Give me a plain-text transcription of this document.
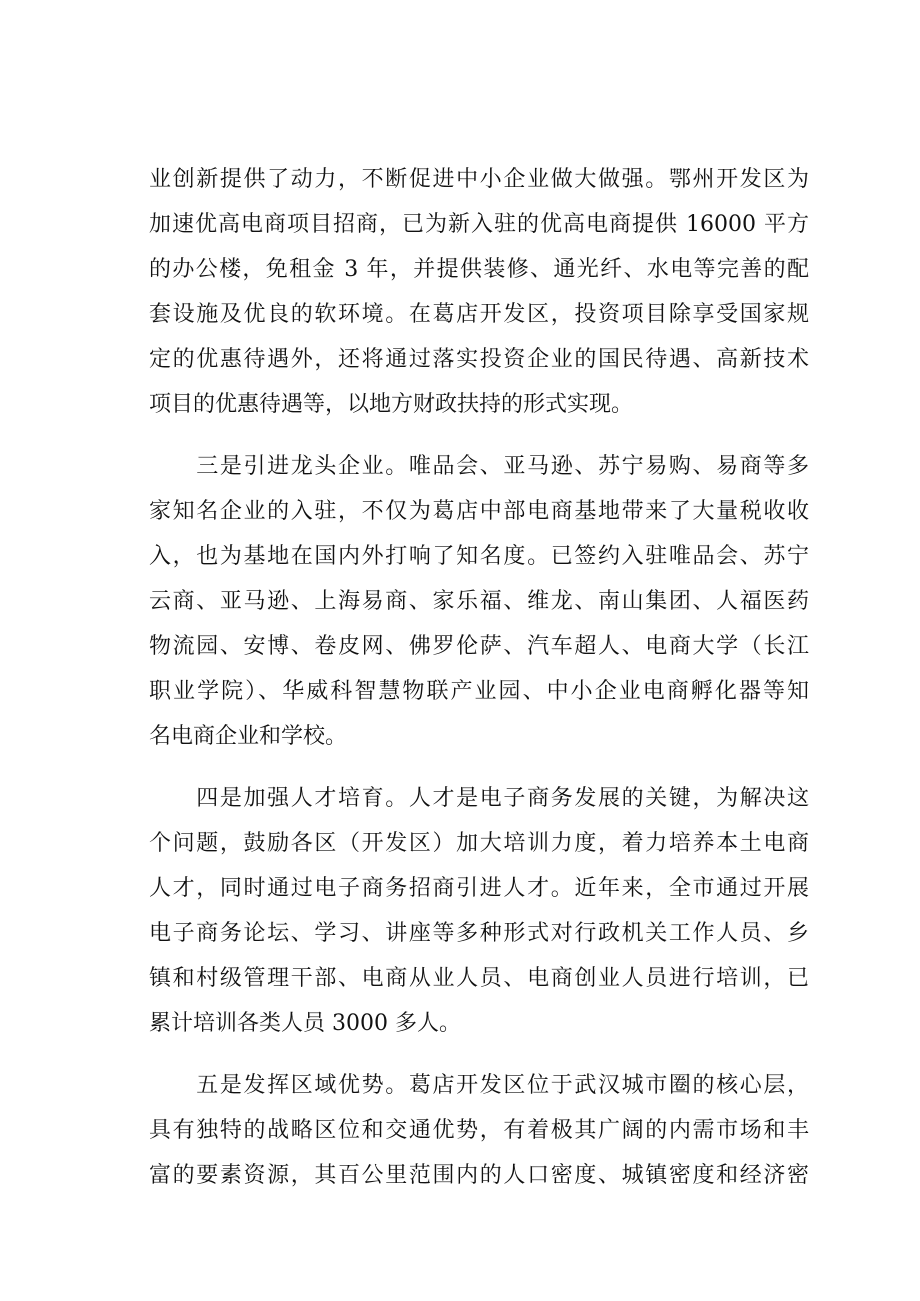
业创新提供了动力，不断促进中小企业做大做强。鄂州开发区为
加速优高电商项目招商，已为新入驻的优高电商提供 16000 平方
的办公楼，免租金 3 年，并提供装修、通光纤、水电等完善的配
套设施及优良的软环境。在葛店开发区，投资项目除享受国家规
定的优惠待遇外，还将通过落实投资企业的国民待遇、高新技术
项目的优惠待遇等，以地方财政扶持的形式实现。
　　三是引进龙头企业。唯品会、亚马逊、苏宁易购、易商等多
家知名企业的入驻，不仅为葛店中部电商基地带来了大量税收收
入，也为基地在国内外打响了知名度。已签约入驻唯品会、苏宁
云商、亚马逊、上海易商、家乐福、维龙、南山集团、人福医药
物流园、安博、卷皮网、佛罗伦萨、汽车超人、电商大学（长江
职业学院）、华威科智慧物联产业园、中小企业电商孵化器等知
名电商企业和学校。
　　四是加强人才培育。人才是电子商务发展的关键，为解决这
个问题，鼓励各区（开发区）加大培训力度，着力培养本土电商
人才，同时通过电子商务招商引进人才。近年来，全市通过开展
电子商务论坛、学习、讲座等多种形式对行政机关工作人员、乡
镇和村级管理干部、电商从业人员、电商创业人员进行培训，已
累计培训各类人员 3000 多人。
　　五是发挥区域优势。葛店开发区位于武汉城市圈的核心层，
具有独特的战略区位和交通优势，有着极其广阔的内需市场和丰
富的要素资源，其百公里范围内的人口密度、城镇密度和经济密
